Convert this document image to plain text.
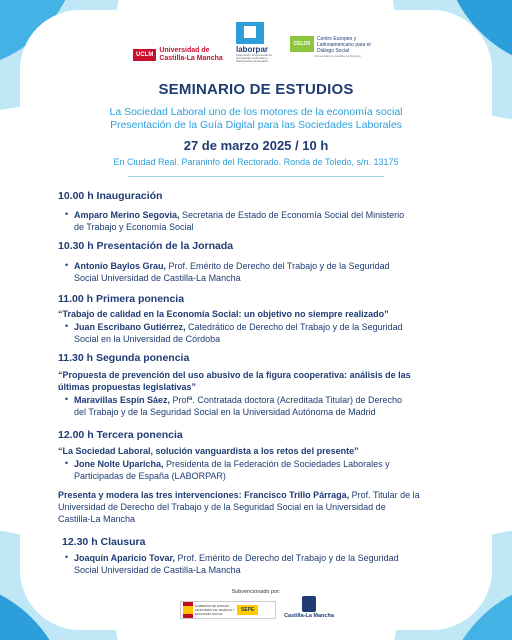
UCLM
Universidad de
Castilla-La Mancha
laborpar
Federación Empresarial de Sociedades Laborales y Participadas de España
CELDS
Centro Europeo y Latinoamericano para el Diálogo Social
Universidad de Castilla-La Mancha
SEMINARIO DE ESTUDIOS
La Sociedad Laboral uno de los motores de la economía social
Presentación de la Guía Digital para las Sociedades Laborales
27 de marzo 2025 / 10 h
En Ciudad Real. Paraninfo del Rectorado. Ronda de Toledo, s/n. 13175
10.00 h Inauguración
• Amparo Merino Segovia, Secretaria de Estado de Economía Social del Ministerio
de Trabajo y Economía Social
10.30 h Presentación de la Jornada
• Antonio Baylos Grau, Prof. Emérito de Derecho del Trabajo y de la Seguridad
Social Universidad de Castilla-La Mancha
11.00 h Primera ponencia
“Trabajo de calidad en la Economía Social: un objetivo no siempre realizado”
• Juan Escribano Gutiérrez, Catedrático de Derecho del Trabajo y de la Seguridad
Social en la Universidad de Córdoba
11.30 h Segunda ponencia
“Propuesta de prevención del uso abusivo de la figura cooperativa: análisis de las
últimas propuestas legislativas”
• Maravillas Espín Sáez, Profª. Contratada doctora (Acreditada Titular) de Derecho
del Trabajo y de la Seguridad Social en la Universidad Autónoma de Madrid
12.00 h Tercera ponencia
“La Sociedad Laboral, solución vanguardista a los retos del presente”
• Jone Nolte Uparicha, Presidenta de la Federación de Sociedades Laborales y
Participadas de España (LABORPAR)
Presenta y modera las tres intervenciones: Francisco Trillo Párraga, Prof. Titular de la
Universidad de Derecho del Trabajo y de la Seguridad Social en la Universidad de
Castilla-La Mancha
12.30 h Clausura
• Joaquín Aparicio Tovar, Prof. Emérito de Derecho del Trabajo y de la Seguridad
Social Universidad de Castilla-La Mancha
Subvencionado por:
GOBIERNO DE ESPAÑA · MINISTERIO DE TRABAJO Y ECONOMÍA SOCIAL
SEPE
Castilla-La Mancha
